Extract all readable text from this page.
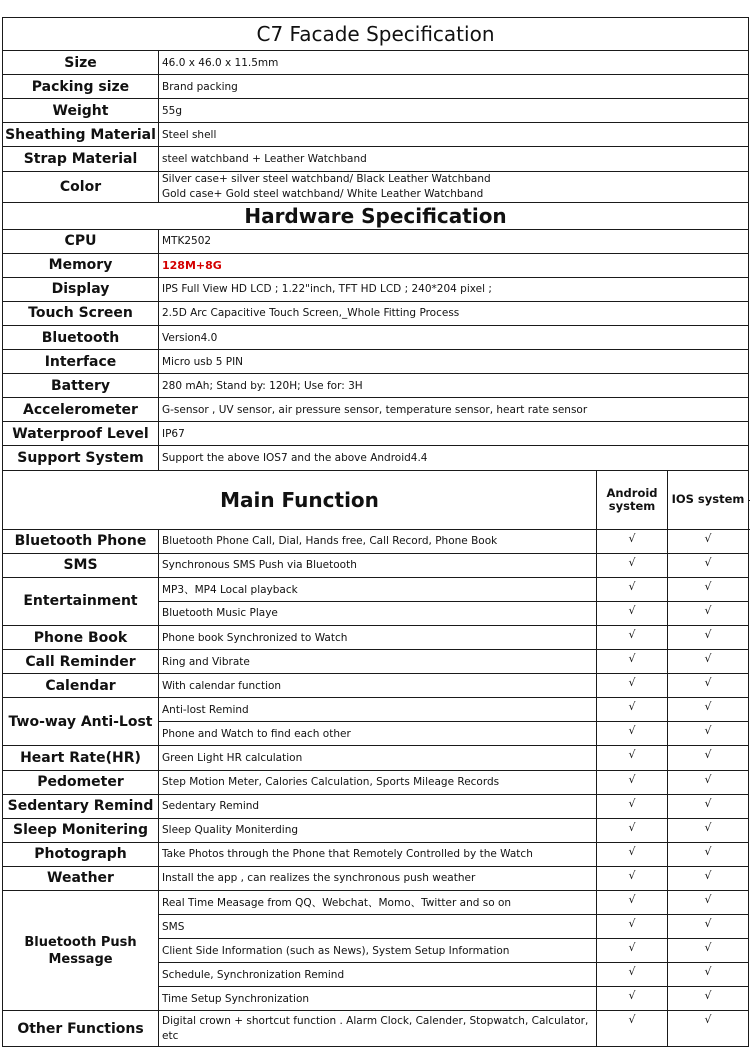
C7 Facade Specification				
Size	46.0 x 46.0 x 11.5mm			
Packing size	Brand packing			
Weight	55g			
Sheathing Material	Steel shell			
Strap Material	steel watchband + Leather Watchband			
Color	Silver case+ silver steel watchband/ Black Leather Watchband
Gold case+ Gold steel watchband/ White Leather Watchband			

Hardware Specification				
CPU	MTK2502			
Memory	128M+8G			
Display	IPS Full View HD LCD ; 1.22"inch, TFT HD LCD ; 240*204 pixel ;			
Touch Screen	2.5D Arc Capacitive Touch Screen,_Whole Fitting Process			
Bluetooth	Version4.0			
Interface	Micro usb 5 PIN			
Battery	280 mAh; Stand by: 120H; Use for: 3H			
Accelerometer	G-sensor , UV sensor, air pressure sensor, temperature sensor, heart rate sensor			
Waterproof Level	IP67			
Support System	Support the above IOS7 and the above Android4.4			
Main Function		Android system	IOS system	

Bluetooth Phone	Bluetooth Phone Call, Dial, Hands free, Call Record, Phone Book	√	√	
SMS	Synchronous SMS Push via Bluetooth	√	√	
Entertainment	MP3、MP4 Local playback	√	√	
	Bluetooth Music Playe	√	√	
Phone Book	Phone book Synchronized to Watch	√	√	
Call Reminder	Ring and Vibrate	√	√	
Calendar	With calendar function	√	√	
Two-way Anti-Lost	Anti-lost Remind	√	√	
	Phone and Watch to find each other	√	√	
Heart Rate(HR)	Green Light HR calculation	√	√	
Pedometer	Step Motion Meter, Calories Calculation, Sports Mileage Records	√	√	
Sedentary Remind	Sedentary Remind	√	√	
Sleep Monitering	Sleep Quality Moniterding	√	√	
Photograph	Take Photos through the Phone that Remotely Controlled by the Watch	√	√	
Weather	Install the app , can realizes the synchronous push weather	√	√	
Bluetooth Push Message	Real Time Measage from QQ、Webchat、Momo、Twitter and so on	√	√	
	SMS	√	√	
	Client Side Information (such as News), System Setup Information	√	√	
	Schedule, Synchronization Remind	√	√	
	Time Setup Synchronization	√	√	
Other Functions	Digital crown + shortcut function . Alarm Clock, Calender, Stopwatch, Calculator, etc	√	√	
